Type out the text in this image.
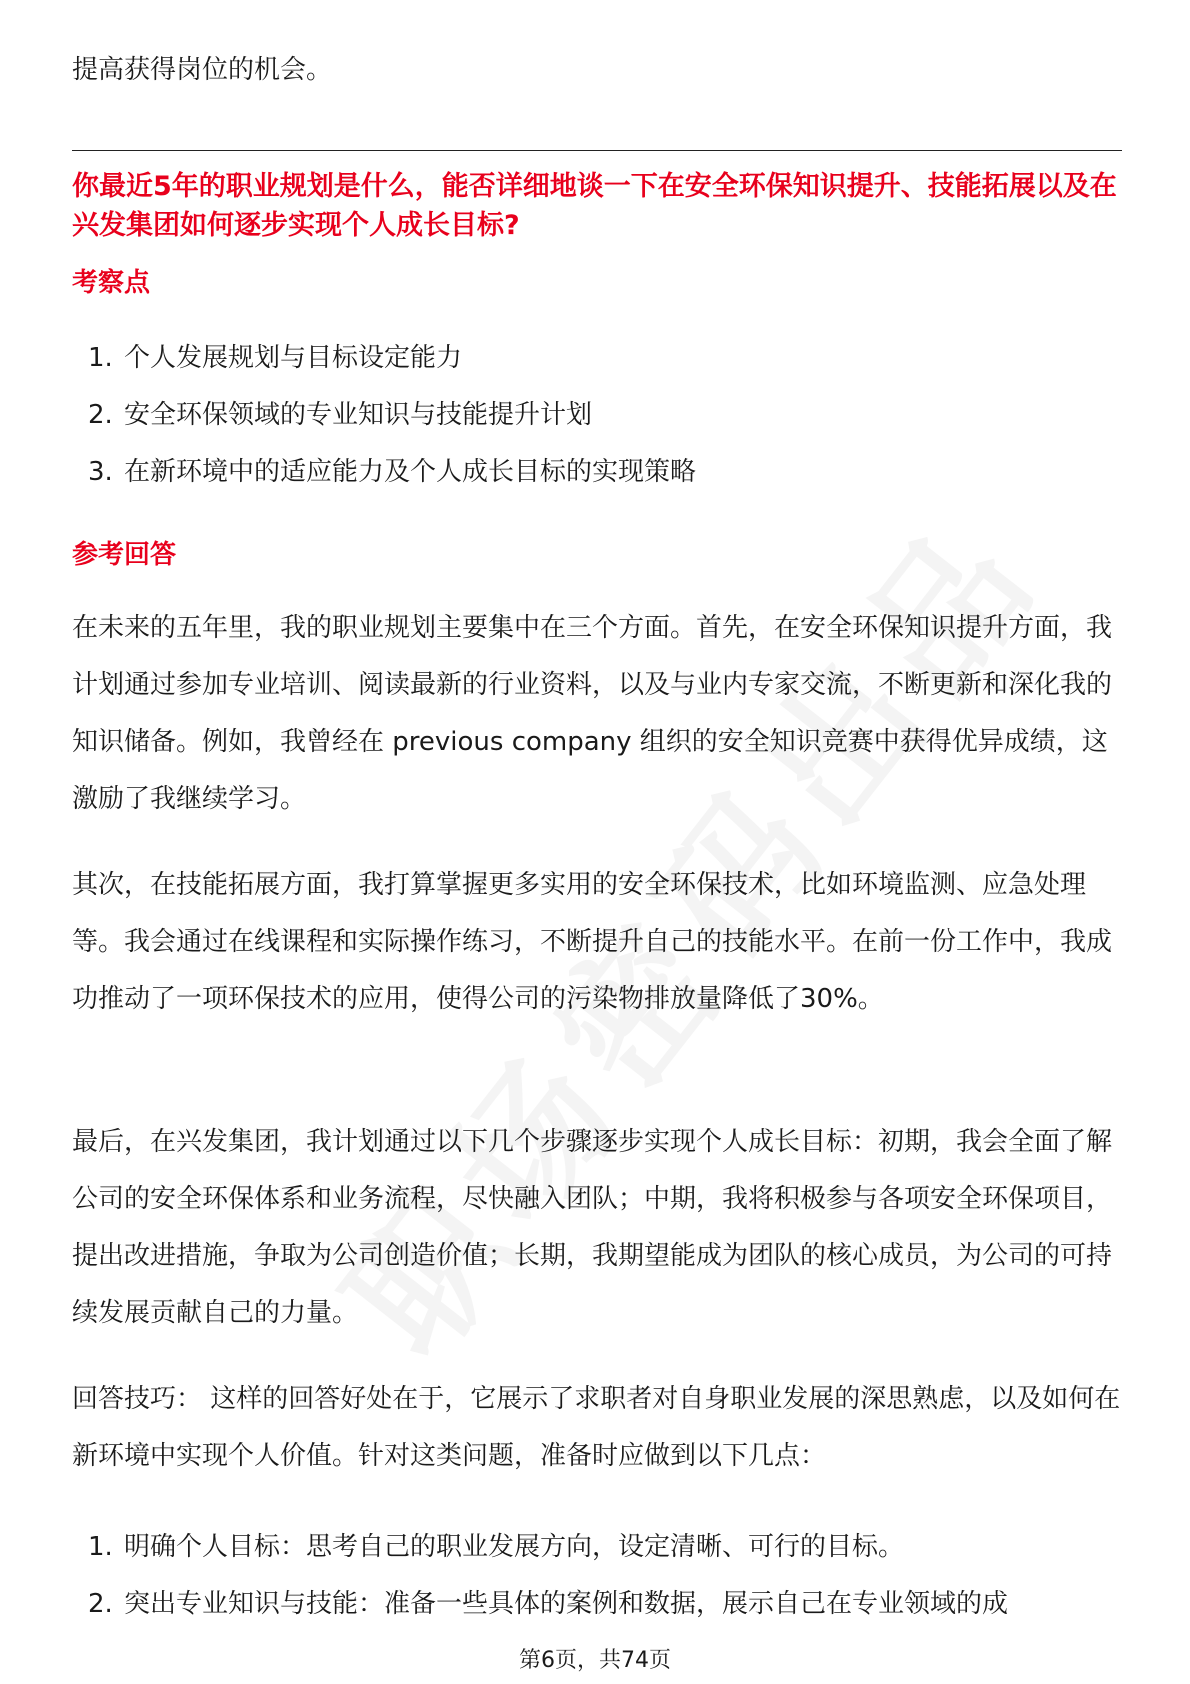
提高获得岗位的机会。

你最近5年的职业规划是什么，能否详细地谈一下在安全环保知识提升、技能拓展以及在兴发集团如何逐步实现个人成长目标?

考察点

1. 个人发展规划与目标设定能力
2. 安全环保领域的专业知识与技能提升计划
3. 在新环境中的适应能力及个人成长目标的实现策略

参考回答

在未来的五年里，我的职业规划主要集中在三个方面。首先，在安全环保知识提升方面，我计划通过参加专业培训、阅读最新的行业资料，以及与业内专家交流，不断更新和深化我的知识储备。例如，我曾经在 previous company 组织的安全知识竞赛中获得优异成绩，这激励了我继续学习。

其次，在技能拓展方面，我打算掌握更多实用的安全环保技术，比如环境监测、应急处理等。我会通过在线课程和实际操作练习，不断提升自己的技能水平。在前一份工作中，我成功推动了一项环保技术的应用，使得公司的污染物排放量降低了30%。

最后，在兴发集团，我计划通过以下几个步骤逐步实现个人成长目标：初期，我会全面了解公司的安全环保体系和业务流程，尽快融入团队；中期，我将积极参与各项安全环保项目，提出改进措施，争取为公司创造价值；长期，我期望能成为团队的核心成员，为公司的可持续发展贡献自己的力量。

回答技巧： 这样的回答好处在于，它展示了求职者对自身职业发展的深思熟虑，以及如何在新环境中实现个人价值。针对这类问题，准备时应做到以下几点：

1. 明确个人目标：思考自己的职业发展方向，设定清晰、可行的目标。
2. 突出专业知识与技能：准备一些具体的案例和数据，展示自己在专业领域的成
第6页，共74页
